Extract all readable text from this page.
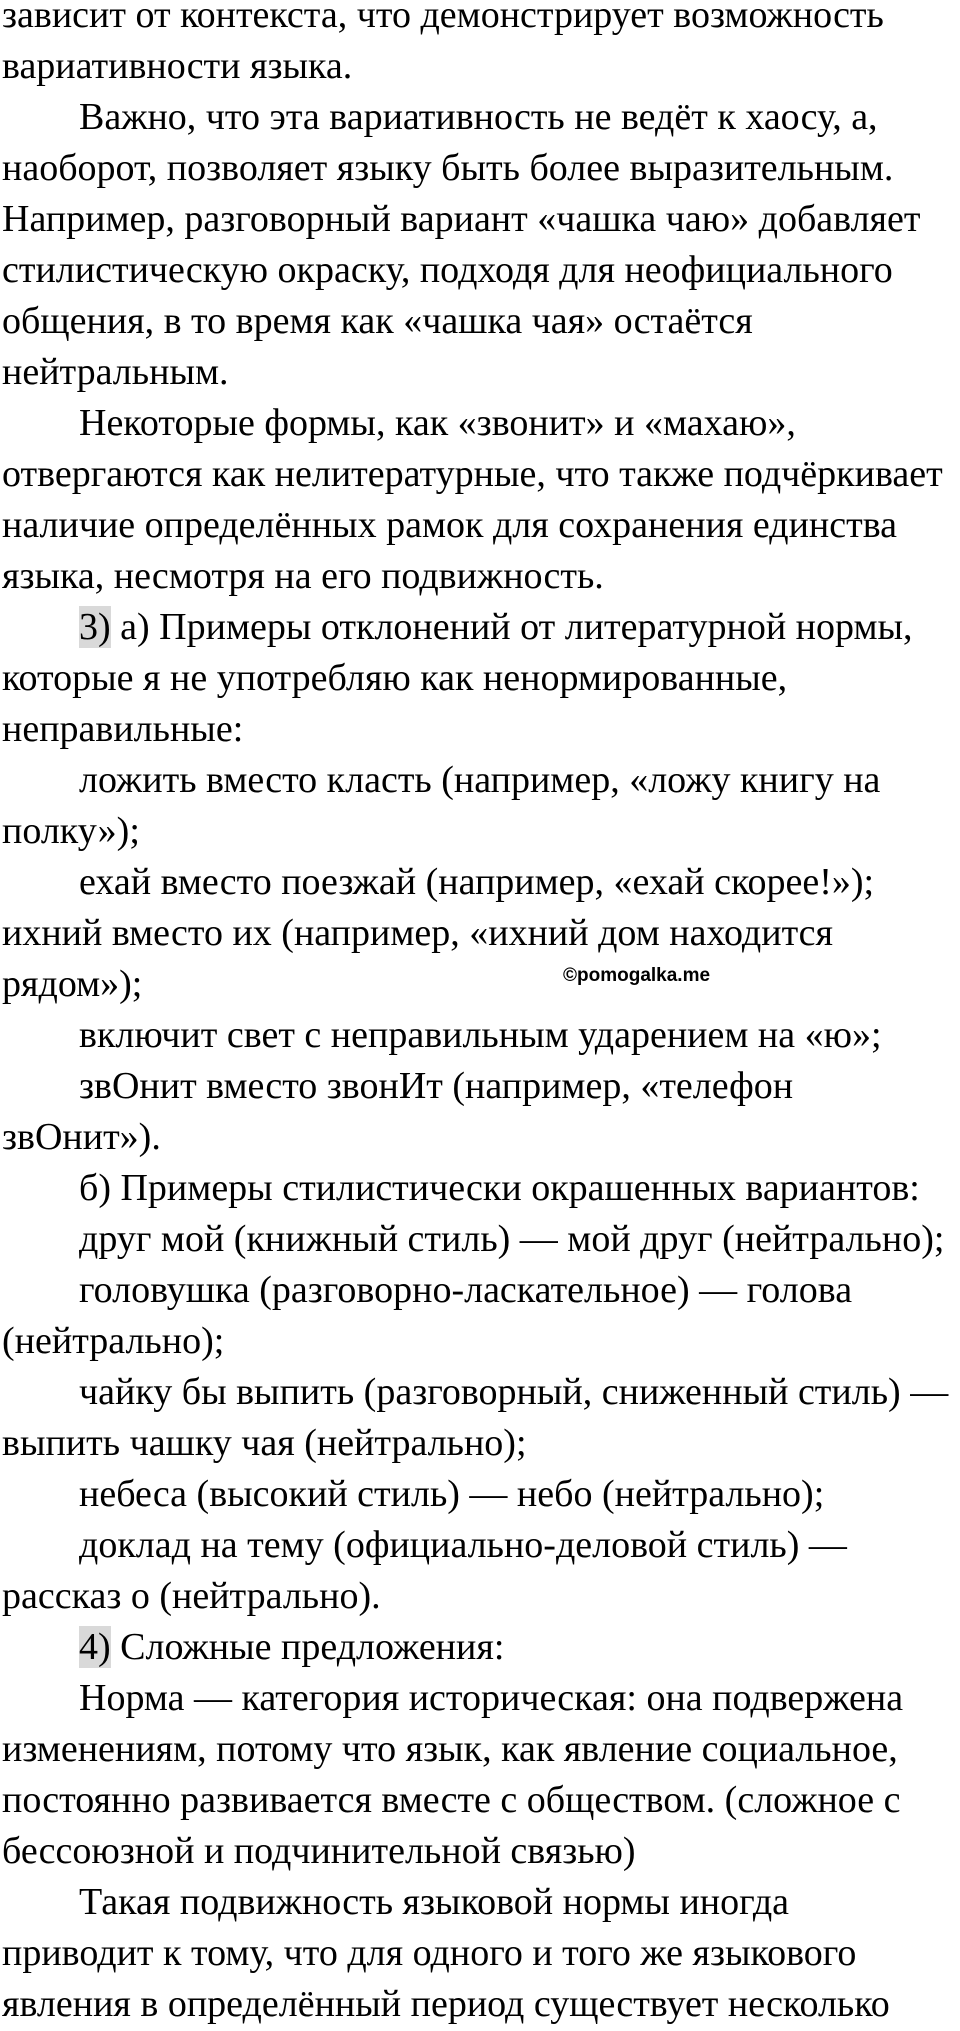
зависит от контекста, что демонстрирует возможность
вариативности языка.
Важно, что эта вариативность не ведёт к хаосу, а,
наоборот, позволяет языку быть более выразительным.
Например, разговорный вариант «чашка чаю» добавляет
стилистическую окраску, подходя для неофициального
общения, в то время как «чашка чая» остаётся
нейтральным.
Некоторые формы, как «звонит» и «махаю»,
отвергаются как нелитературные, что также подчёркивает
наличие определённых рамок для сохранения единства
языка, несмотря на его подвижность.
3) а) Примеры отклонений от литературной нормы,
которые я не употребляю как ненормированные,
неправильные:
ложить вместо класть (например, «ложу книгу на
полку»);
ехай вместо поезжай (например, «ехай скорее!»);
ихний вместо их (например, «ихний дом находится
рядом»);
включит свет с неправильным ударением на «ю»;
звОнит вместо звонИт (например, «телефон
звОнит»).
б) Примеры стилистически окрашенных вариантов:
друг мой (книжный стиль) — мой друг (нейтрально);
головушка (разговорно-ласкательное) — голова
(нейтрально);
чайку бы выпить (разговорный, сниженный стиль) —
выпить чашку чая (нейтрально);
небеса (высокий стиль) — небо (нейтрально);
доклад на тему (официально-деловой стиль) —
рассказ о (нейтрально).
4) Сложные предложения:
Норма — категория историческая: она подвержена
изменениям, потому что язык, как явление социальное,
постоянно развивается вместе с обществом. (сложное с
бессоюзной и подчинительной связью)
Такая подвижность языковой нормы иногда
приводит к тому, что для одного и того же языкового
явления в определённый период существует несколько
©pomogalka.me
